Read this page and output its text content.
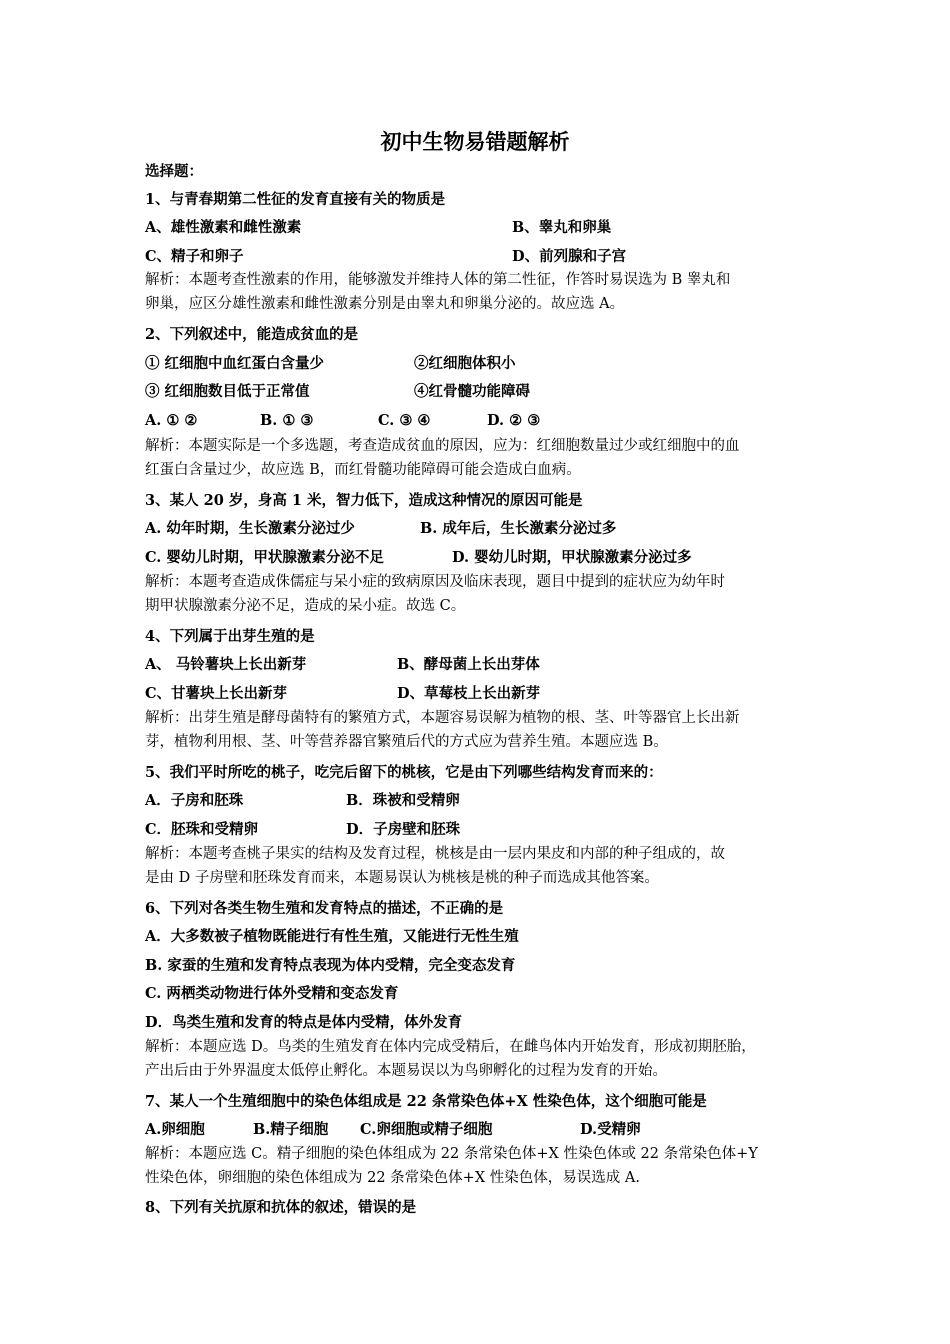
初中生物易错题解析
选择题：
1、与青春期第二性征的发育直接有关的物质是
A、雄性激素和雌性激素	B、睾丸和卵巢
C、精子和卵子	D、前列腺和子宫
解析：本题考查性激素的作用，能够激发并维持人体的第二性征，作答时易误选为 B 睾丸和
卵巢，应区分雄性激素和雌性激素分别是由睾丸和卵巢分泌的。故应选 A。
2、下列叙述中，能造成贫血的是
① 红细胞中血红蛋白含量少	②红细胞体积小
③ 红细胞数目低于正常值	④红骨髓功能障碍
A. ① ②	B. ① ③	C. ③ ④	D. ② ③
解析：本题实际是一个多选题，考查造成贫血的原因，应为：红细胞数量过少或红细胞中的血
红蛋白含量过少，故应选 B，而红骨髓功能障碍可能会造成白血病。
3、某人 20 岁，身高 1 米，智力低下，造成这种情况的原因可能是
A. 幼年时期，生长激素分泌过少	B. 成年后，生长激素分泌过多
C. 婴幼儿时期，甲状腺激素分泌不足	D. 婴幼儿时期，甲状腺激素分泌过多
解析：本题考查造成侏儒症与呆小症的致病原因及临床表现，题目中提到的症状应为幼年时
期甲状腺激素分泌不足，造成的呆小症。故选 C。
4、下列属于出芽生殖的是
A、 马铃薯块上长出新芽	B、酵母菌上长出芽体
C、甘薯块上长出新芽	D、草莓枝上长出新芽
解析：出芽生殖是酵母菌特有的繁殖方式，本题容易误解为植物的根、茎、叶等器官上长出新
芽，植物利用根、茎、叶等营养器官繁殖后代的方式应为营养生殖。本题应选 B。
5、我们平时所吃的桃子，吃完后留下的桃核，它是由下列哪些结构发育而来的：
A．子房和胚珠	B．珠被和受精卵
C．胚珠和受精卵	D．子房壁和胚珠
解析：本题考查桃子果实的结构及发育过程，桃核是由一层内果皮和内部的种子组成的，故
是由 D 子房壁和胚珠发育而来，本题易误认为桃核是桃的种子而选成其他答案。
6、下列对各类生物生殖和发育特点的描述，不正确的是
A．大多数被子植物既能进行有性生殖，又能进行无性生殖
B. 家蚕的生殖和发育特点表现为体内受精，完全变态发育
C. 两栖类动物进行体外受精和变态发育
D．鸟类生殖和发育的特点是体内受精，体外发育
解析：本题应选 D。鸟类的生殖发育在体内完成受精后，在雌鸟体内开始发育，形成初期胚胎，
产出后由于外界温度太低停止孵化。本题易误以为鸟卵孵化的过程为发育的开始。
7、某人一个生殖细胞中的染色体组成是 22 条常染色体+X 性染色体，这个细胞可能是
A.卵细胞	B.精子细胞 C.卵细胞或精子细胞	D.受精卵
解析：本题应选 C。精子细胞的染色体组成为 22 条常染色体+X 性染色体或 22 条常染色体+Y
性染色体，卵细胞的染色体组成为 22 条常染色体+X 性染色体，易误选成 A.
8、下列有关抗原和抗体的叙述，错误的是
